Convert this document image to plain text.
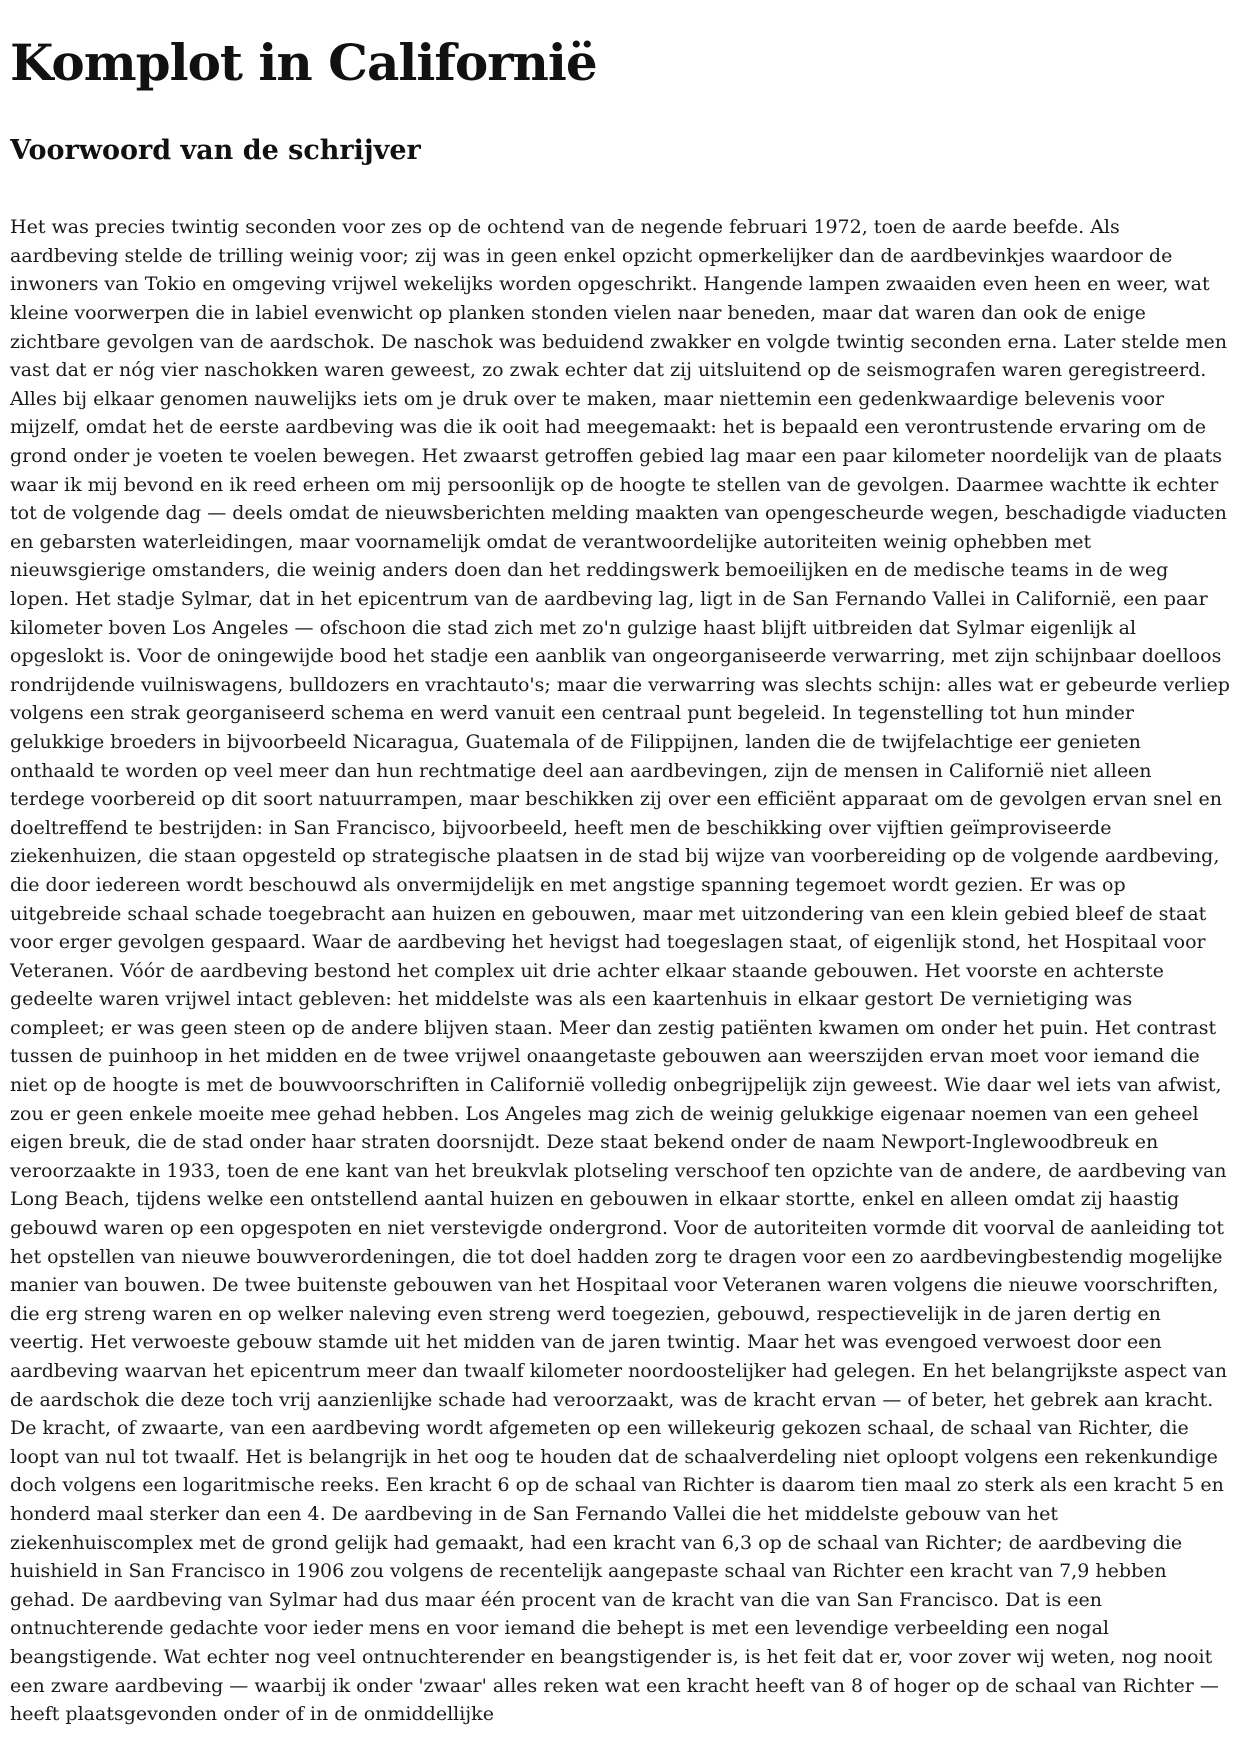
Komplot in Californië
Voorwoord van de schrijver

Het was precies twintig seconden voor zes op de ochtend van de negende februari 1972, toen de aarde beefde. Als aardbeving stelde de trilling weinig voor; zij was in geen enkel opzicht opmerkelijker dan de aardbevinkjes waardoor de inwoners van Tokio en omgeving vrijwel wekelijks worden opgeschrikt. Hangende lampen zwaaiden even heen en weer, wat kleine voorwerpen die in labiel evenwicht op planken stonden vielen naar beneden, maar dat waren dan ook de enige zichtbare gevolgen van de aardschok. De naschok was beduidend zwakker en volgde twintig seconden erna. Later stelde men vast dat er nóg vier naschokken waren geweest, zo zwak echter dat zij uitsluitend op de seismografen waren geregistreerd. Alles bij elkaar genomen nauwelijks iets om je druk over te maken, maar niettemin een gedenkwaardige belevenis voor mijzelf, omdat het de eerste aardbeving was die ik ooit had meegemaakt: het is bepaald een verontrustende ervaring om de grond onder je voeten te voelen bewegen. Het zwaarst getroffen gebied lag maar een paar kilometer noordelijk van de plaats waar ik mij bevond en ik reed erheen om mij persoonlijk op de hoogte te stellen van de gevolgen. Daarmee wachtte ik echter tot de volgende dag — deels omdat de nieuwsberichten melding maakten van opengescheurde wegen, beschadigde viaducten en gebarsten waterleidingen, maar voornamelijk omdat de verantwoordelijke autoriteiten weinig ophebben met nieuwsgierige omstanders, die weinig anders doen dan het reddingswerk bemoeilijken en de medische teams in de weg lopen. Het stadje Sylmar, dat in het epicentrum van de aardbeving lag, ligt in de San Fernando Vallei in Californië, een paar kilometer boven Los Angeles — ofschoon die stad zich met zo'n gulzige haast blijft uitbreiden dat Sylmar eigenlijk al opgeslokt is. Voor de oningewijde bood het stadje een aanblik van ongeorganiseerde verwarring, met zijn schijnbaar doelloos rondrijdende vuilniswagens, bulldozers en vrachtauto's; maar die verwarring was slechts schijn: alles wat er gebeurde verliep volgens een strak georganiseerd schema en werd vanuit een centraal punt begeleid. In tegenstelling tot hun minder gelukkige broeders in bijvoorbeeld Nicaragua, Guatemala of de Filippijnen, landen die de twijfelachtige eer genieten onthaald te worden op veel meer dan hun rechtmatige deel aan aardbevingen, zijn de mensen in Californië niet alleen terdege voorbereid op dit soort natuurrampen, maar beschikken zij over een efficiënt apparaat om de gevolgen ervan snel en doeltreffend te bestrijden: in San Francisco, bijvoorbeeld, heeft men de beschikking over vijftien geïmproviseerde ziekenhuizen, die staan opgesteld op strategische plaatsen in de stad bij wijze van voorbereiding op de volgende aardbeving, die door iedereen wordt beschouwd als onvermijdelijk en met angstige spanning tegemoet wordt gezien. Er was op uitgebreide schaal schade toegebracht aan huizen en gebouwen, maar met uitzondering van een klein gebied bleef de staat voor erger gevolgen gespaard. Waar de aardbeving het hevigst had toegeslagen staat, of eigenlijk stond, het Hospitaal voor Veteranen. Vóór de aardbeving bestond het complex uit drie achter elkaar staande gebouwen. Het voorste en achterste gedeelte waren vrijwel intact gebleven: het middelste was als een kaartenhuis in elkaar gestort De vernietiging was compleet; er was geen steen op de andere blijven staan. Meer dan zestig patiënten kwamen om onder het puin. Het contrast tussen de puinhoop in het midden en de twee vrijwel onaangetaste gebouwen aan weerszijden ervan moet voor iemand die niet op de hoogte is met de bouwvoorschriften in Californië volledig onbegrijpelijk zijn geweest. Wie daar wel iets van afwist, zou er geen enkele moeite mee gehad hebben. Los Angeles mag zich de weinig gelukkige eigenaar noemen van een geheel eigen breuk, die de stad onder haar straten doorsnijdt. Deze staat bekend onder de naam Newport-Inglewoodbreuk en veroorzaakte in 1933, toen de ene kant van het breukvlak plotseling verschoof ten opzichte van de andere, de aardbeving van Long Beach, tijdens welke een ontstellend aantal huizen en gebouwen in elkaar stortte, enkel en alleen omdat zij haastig gebouwd waren op een opgespoten en niet verstevigde ondergrond. Voor de autoriteiten vormde dit voorval de aanleiding tot het opstellen van nieuwe bouwverordeningen, die tot doel hadden zorg te dragen voor een zo aardbevingbestendig mogelijke manier van bouwen. De twee buitenste gebouwen van het Hospitaal voor Veteranen waren volgens die nieuwe voorschriften, die erg streng waren en op welker naleving even streng werd toegezien, gebouwd, respectievelijk in de jaren dertig en veertig. Het verwoeste gebouw stamde uit het midden van de jaren twintig. Maar het was evengoed verwoest door een aardbeving waarvan het epicentrum meer dan twaalf kilometer noordoostelijker had gelegen. En het belangrijkste aspect van de aardschok die deze toch vrij aanzienlijke schade had veroorzaakt, was de kracht ervan — of beter, het gebrek aan kracht. De kracht, of zwaarte, van een aardbeving wordt afgemeten op een willekeurig gekozen schaal, de schaal van Richter, die loopt van nul tot twaalf. Het is belangrijk in het oog te houden dat de schaalverdeling niet oploopt volgens een rekenkundige doch volgens een logaritmische reeks. Een kracht 6 op de schaal van Richter is daarom tien maal zo sterk als een kracht 5 en honderd maal sterker dan een 4. De aardbeving in de San Fernando Vallei die het middelste gebouw van het ziekenhuiscomplex met de grond gelijk had gemaakt, had een kracht van 6,3 op de schaal van Richter; de aardbeving die huishield in San Francisco in 1906 zou volgens de recentelijk aangepaste schaal van Richter een kracht van 7,9 hebben gehad. De aardbeving van Sylmar had dus maar één procent van de kracht van die van San Francisco. Dat is een ontnuchterende gedachte voor ieder mens en voor iemand die behept is met een levendige verbeelding een nogal beangstigende. Wat echter nog veel ontnuchterender en beangstigender is, is het feit dat er, voor zover wij weten, nog nooit een zware aardbeving — waarbij ik onder 'zwaar' alles reken wat een kracht heeft van 8 of hoger op de schaal van Richter — heeft plaatsgevonden onder of in de onmiddellijke
